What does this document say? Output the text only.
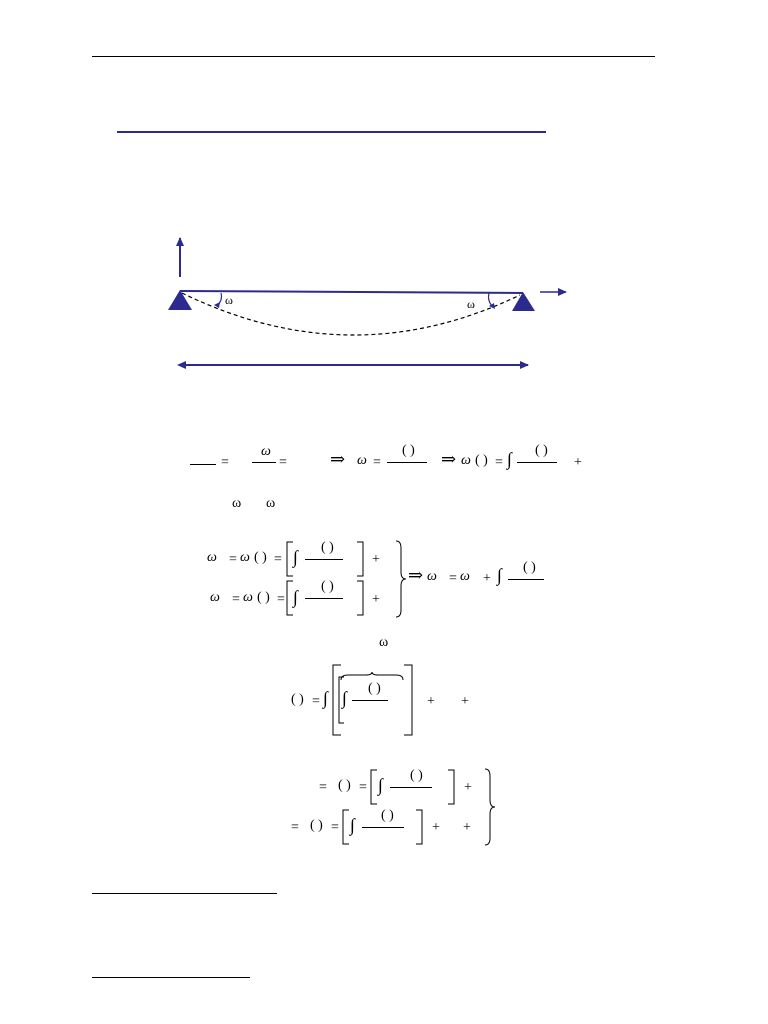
ω	ω
=
ω
= ⇒ ω =
( ) ⇒ ω ( ) = ∫ ( )
+
ω ω
ω = ω ( ) = ∫ ( )
+
ω = ω ( ) = ∫
( )
+
⇒ ω = ω + ∫ ( )
ω
( ) = ∫ ∫ ( )
+ +
= ( ) = ∫ ( )
+
= ( ) = ∫ ( )
+ +
